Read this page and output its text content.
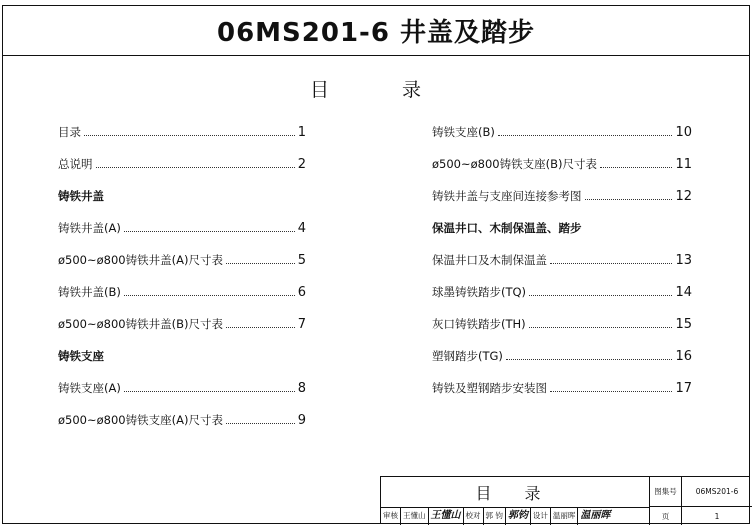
06MS201-6 井盖及踏步
目	录
目录	1
总说明	2
铸铁井盖
铸铁井盖(A)	4
ø500~ø800铸铁井盖(A)尺寸表	5
铸铁井盖(B)	6
ø500~ø800铸铁井盖(B)尺寸表	7
铸铁支座
铸铁支座(A)	8
ø500~ø800铸铁支座(A)尺寸表	9
铸铁支座(B)	10
ø500~ø800铸铁支座(B)尺寸表	11
铸铁井盖与支座间连接参考图	12
保温井口、木制保温盖、踏步
保温井口及木制保温盖	13
球墨铸铁踏步(TQ)	14
灰口铸铁踏步(TH)	15
塑钢踏步(TG)	16
铸铁及塑钢踏步安装图	17
目 录
审核 王懂山 王懂山 校对 郭 钧 郭钧 设计 温丽晖 温丽晖
图集号	06MS201-6
页	1
